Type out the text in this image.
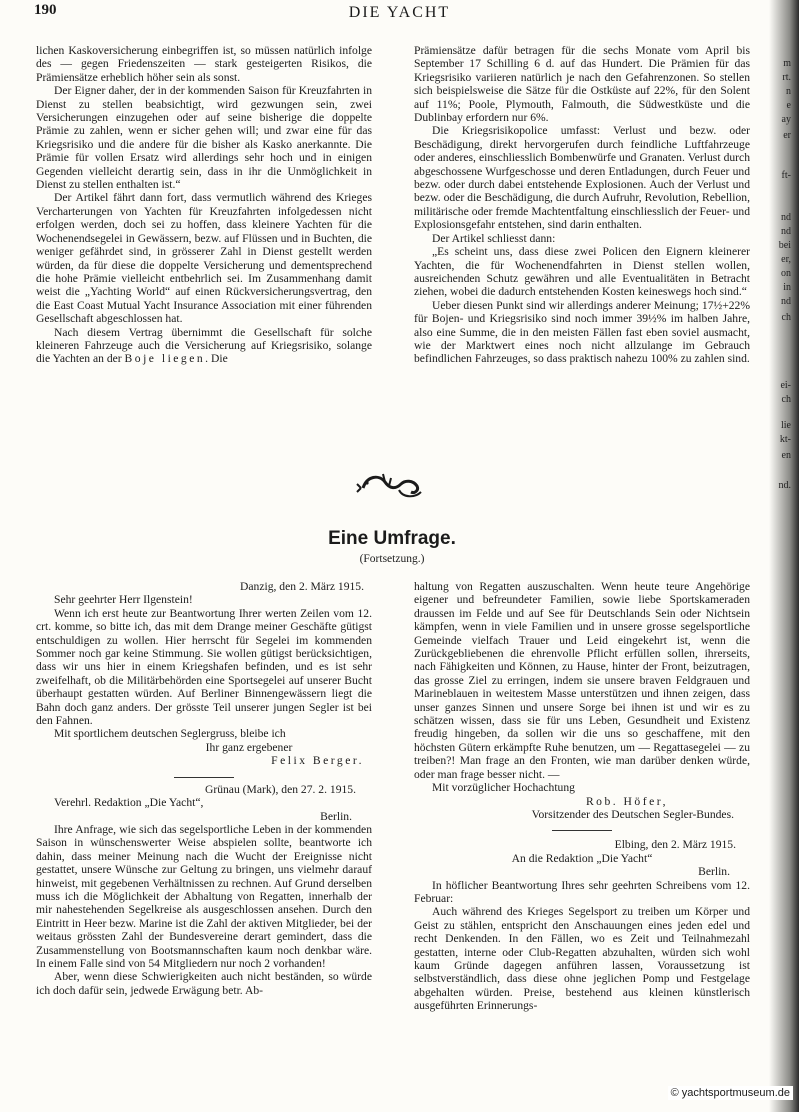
190	DIE YACHT

lichen Kaskoversicherung einbegriffen ist, so müssen natürlich infolge des — gegen Friedenszeiten — stark gesteigerten Risikos, die Prämiensätze erheblich höher sein als sonst.

Der Eigner daher, der in der kommenden Saison für Kreuzfahrten in Dienst zu stellen beabsichtigt, wird gezwungen sein, zwei Versicherungen einzugehen oder auf seine bisherige die doppelte Prämie zu zahlen, wenn er sicher gehen will; und zwar eine für das Kriegsrisiko und die andere für die bisher als Kasko anerkannte. Die Prämie für vollen Ersatz wird allerdings sehr hoch und in einigen Gegenden vielleicht derartig sein, dass in ihr die Unmöglichkeit in Dienst zu stellen enthalten ist.“

Der Artikel fährt dann fort, dass vermutlich während des Krieges Vercharterungen von Yachten für Kreuzfahrten infolgedessen nicht erfolgen werden, doch sei zu hoffen, dass kleinere Yachten für die Wochenendsegelei in Gewässern, bezw. auf Flüssen und in Buchten, die weniger gefährdet sind, in grösserer Zahl in Dienst gestellt werden würden, da für diese die doppelte Versicherung und dementsprechend die hohe Prämie vielleicht entbehrlich sei. Im Zusammenhang damit weist die „Yachting World“ auf einen Rückversicherungsvertrag, den die East Coast Mutual Yacht Insurance Association mit einer führenden Gesellschaft abgeschlossen hat.

Nach diesem Vertrag übernimmt die Gesellschaft für solche kleineren Fahrzeuge auch die Versicherung auf Kriegsrisiko, solange die Yachten an der Boje liegen. Die

Prämiensätze dafür betragen für die sechs Monate vom April bis September 17 Schilling 6 d. auf das Hundert. Die Prämien für das Kriegsrisiko variieren natürlich je nach den Gefahrenzonen. So stellen sich beispielsweise die Sätze für die Ostküste auf 22%, für den Solent auf 11%; Poole, Plymouth, Falmouth, die Südwestküste und die Dublinbay erfordern nur 6%.

Die Kriegsrisikopolice umfasst: Verlust und bezw. oder Beschädigung, direkt hervorgerufen durch feindliche Luftfahrzeuge oder anderes, einschliesslich Bombenwürfe und Granaten. Verlust durch abgeschossene Wurfgeschosse und deren Entladungen, durch Feuer und bezw. oder durch dabei entstehende Explosionen. Auch der Verlust und bezw. oder die Beschädigung, die durch Aufruhr, Revolution, Rebellion, militärische oder fremde Machtentfaltung einschliesslich der Feuer- und Explosionsgefahr entstehen, sind darin enthalten.

Der Artikel schliesst dann:

„Es scheint uns, dass diese zwei Policen den Eignern kleinerer Yachten, die für Wochenendfahrten in Dienst stellen wollen, ausreichenden Schutz gewähren und alle Eventualitäten in Betracht ziehen, wobei die dadurch entstehenden Kosten keineswegs hoch sind.“

Ueber diesen Punkt sind wir allerdings anderer Meinung; 17½+22% für Bojen- und Kriegsrisiko sind noch immer 39½% im halben Jahre, also eine Summe, die in den meisten Fällen fast eben soviel ausmacht, wie der Marktwert eines noch nicht allzulange im Gebrauch befindlichen Fahrzeuges, so dass praktisch nahezu 100% zu zahlen sind.

Eine Umfrage.
(Fortsetzung.)

Danzig, den 2. März 1915.

Sehr geehrter Herr Ilgenstein!

Wenn ich erst heute zur Beantwortung Ihrer werten Zeilen vom 12. crt. komme, so bitte ich, das mit dem Drange meiner Geschäfte gütigst entschuldigen zu wollen. Hier herrscht für Segelei im kommenden Sommer noch gar keine Stimmung. Sie wollen gütigst berücksichtigen, dass wir uns hier in einem Kriegshafen befinden, und es ist sehr zweifelhaft, ob die Militärbehörden eine Sportsegelei auf unserer Bucht überhaupt gestatten würden. Auf Berliner Binnengewässern liegt die Bahn doch ganz anders. Der grösste Teil unserer jungen Segler ist bei den Fahnen.

Mit sportlichem deutschen Seglergruss, bleibe ich

Ihr ganz ergebener

Felix Berger.

Grünau (Mark), den 27. 2. 1915.

Verehrl. Redaktion „Die Yacht“,

Berlin.

Ihre Anfrage, wie sich das segelsportliche Leben in der kommenden Saison in wünschenswerter Weise abspielen sollte, beantworte ich dahin, dass meiner Meinung nach die Wucht der Ereignisse nicht gestattet, unsere Wünsche zur Geltung zu bringen, uns vielmehr darauf hinweist, mit gegebenen Verhältnissen zu rechnen. Auf Grund derselben muss ich die Möglichkeit der Abhaltung von Regatten, innerhalb der mir nahestehenden Segelkreise als ausgeschlossen ansehen. Durch den Eintritt in Heer bezw. Marine ist die Zahl der aktiven Mitglieder, bei der weitaus grössten Zahl der Bundesvereine derart gemindert, dass die Zusammenstellung von Bootsmannschaften kaum noch denkbar wäre. In einem Falle sind von 54 Mitgliedern nur noch 2 vorhanden!

Aber, wenn diese Schwierigkeiten auch nicht beständen, so würde ich doch dafür sein, jedwede Erwägung betr. Ab-

haltung von Regatten auszuschalten. Wenn heute teure Angehörige eigener und befreundeter Familien, sowie liebe Sportskameraden draussen im Felde und auf See für Deutschlands Sein oder Nichtsein kämpfen, wenn in viele Familien und in unsere grosse segelsportliche Gemeinde vielfach Trauer und Leid eingekehrt ist, wenn die Zurückgebliebenen die ehrenvolle Pflicht erfüllen sollen, ihrerseits, nach Fähigkeiten und Können, zu Hause, hinter der Front, beizutragen, das grosse Ziel zu erringen, indem sie unsere braven Feldgrauen und Marineblauen in weitestem Masse unterstützen und ihnen zeigen, dass unser ganzes Sinnen und unsere Sorge bei ihnen ist und wir es zu schätzen wissen, dass sie für uns Leben, Gesundheit und Existenz freudig hingeben, da sollen wir die uns so geschaffene, mit den höchsten Gütern erkämpfte Ruhe benutzen, um — Regattasegelei — zu treiben?! Man frage an den Fronten, wie man darüber denken würde, oder man frage besser nicht. —

Mit vorzüglicher Hochachtung

Rob. Höfer,

Vorsitzender des Deutschen Segler-Bundes.

Elbing, den 2. März 1915.

An die Redaktion „Die Yacht“

Berlin.

In höflicher Beantwortung Ihres sehr geehrten Schreibens vom 12. Februar:

Auch während des Krieges Segelsport zu treiben um Körper und Geist zu stählen, entspricht den Anschauungen eines jeden edel und recht Denkenden. In den Fällen, wo es Zeit und Teilnahmezahl gestatten, interne oder Club-Regatten abzuhalten, würden sich wohl kaum Gründe dagegen anführen lassen, Voraussetzung ist selbstverständlich, dass diese ohne jeglichen Pomp und Festgelage abgehalten würden. Preise, bestehend aus kleinen künstlerisch ausgeführten Erinnerungs-

m
rt.
n
e
ay
er
ft-
nd
nd
bei
er,
on
in
nd
ch
ei-
ch
lie
kt-
en
nd.
© yachtsportmuseum.de
